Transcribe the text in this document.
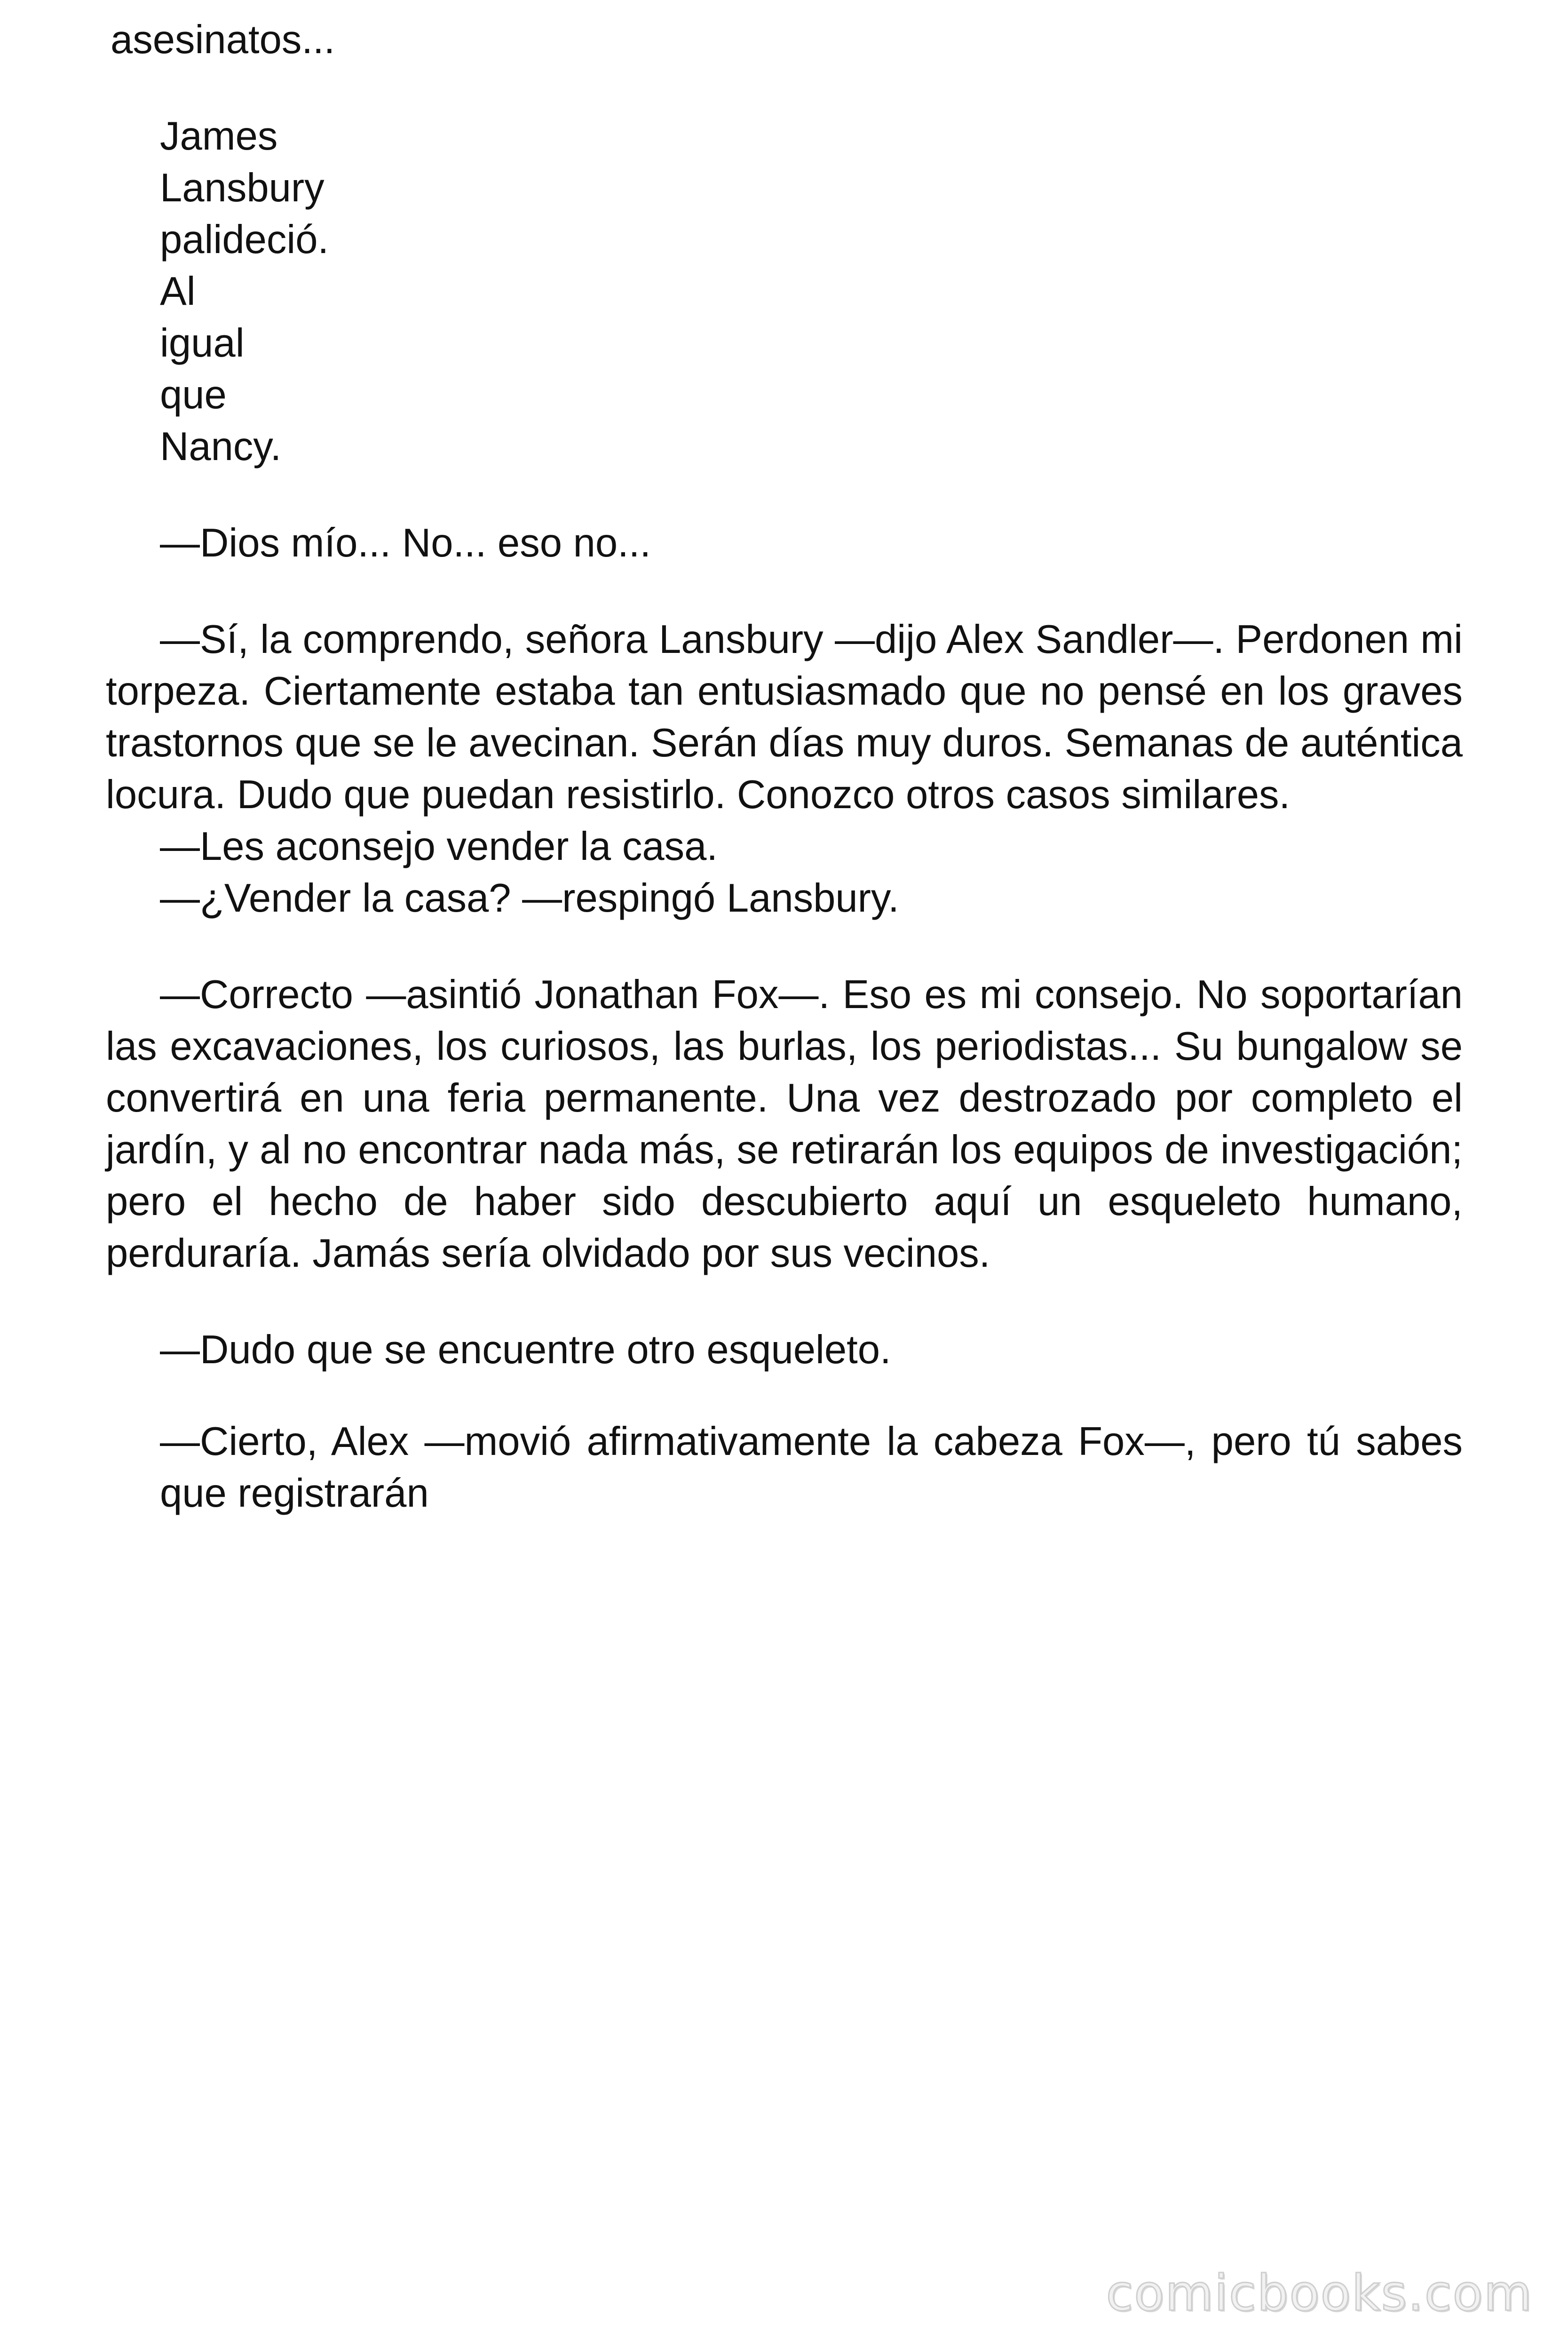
asesinatos...

James
Lansbury
palideció.
Al
igual
que
Nancy.

—Dios mío... No... eso no...

—Sí, la comprendo, señora Lansbury —dijo Alex Sandler—. Perdonen mi torpeza. Ciertamente estaba tan entusiasmado que no pensé en los graves trastornos que se le avecinan. Serán días muy duros. Semanas de auténtica locura. Dudo que puedan resistirlo. Conozco otros casos similares.

—Les aconsejo vender la casa.

—¿Vender la casa? —respingó Lansbury.

—Correcto —asintió Jonathan Fox—. Eso es mi consejo. No soportarían las excavaciones, los curiosos, las burlas, los periodistas... Su bungalow se convertirá en una feria permanente. Una vez destrozado por completo el jardín, y al no encontrar nada más, se retirarán los equipos de investigación; pero el hecho de haber sido descubierto aquí un esqueleto humano, perduraría. Jamás sería olvidado por sus vecinos.

—Dudo que se encuentre otro esqueleto.

—Cierto, Alex —movió afirmativamente la cabeza Fox—, pero tú sabes que registrarán

comicbooks.com
